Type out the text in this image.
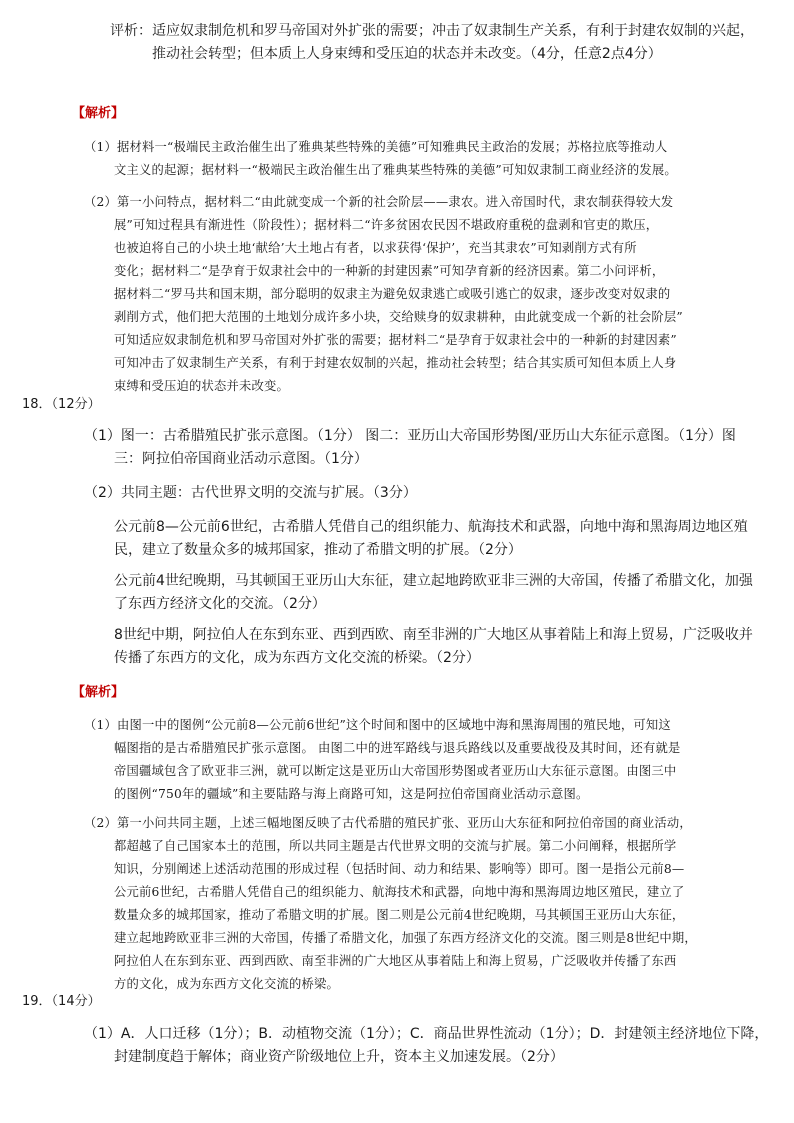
评析：适应奴隶制危机和罗马帝国对外扩张的需要；冲击了奴隶制生产关系，有利于封建农奴制的兴起，
推动社会转型；但本质上人身束缚和受压迫的状态并未改变。（4分，任意2点4分）
【解析】
（1）据材料一“极端民主政治催生出了雅典某些特殊的美德”可知雅典民主政治的发展；苏格拉底等推动人
文主义的起源；据材料一“极端民主政治催生出了雅典某些特殊的美德”可知奴隶制工商业经济的发展。
（2）第一小问特点，据材料二“由此就变成一个新的社会阶层——隶农。进入帝国时代，隶农制获得较大发
展”可知过程具有渐进性（阶段性）；据材料二“许多贫困农民因不堪政府重税的盘剥和官吏的欺压，
也被迫将自己的小块土地‘献给’大土地占有者，以求获得‘保护’，充当其隶农”可知剥削方式有所
变化；据材料二“是孕育于奴隶社会中的一种新的封建因素”可知孕育新的经济因素。第二小问评析，
据材料二“罗马共和国末期，部分聪明的奴隶主为避免奴隶逃亡或吸引逃亡的奴隶，逐步改变对奴隶的
剥削方式，他们把大范围的土地划分成许多小块，交给赎身的奴隶耕种，由此就变成一个新的社会阶层”
可知适应奴隶制危机和罗马帝国对外扩张的需要；据材料二“是孕育于奴隶社会中的一种新的封建因素”
可知冲击了奴隶制生产关系，有利于封建农奴制的兴起，推动社会转型；结合其实质可知但本质上人身
束缚和受压迫的状态并未改变。
18．（12分）
（1）图一：古希腊殖民扩张示意图。（1分） 图二：亚历山大帝国形势图/亚历山大东征示意图。（1分）图
三：阿拉伯帝国商业活动示意图。（1分）
（2）共同主题：古代世界文明的交流与扩展。（3分）
公元前8—公元前6世纪，古希腊人凭借自己的组织能力、航海技术和武器，向地中海和黑海周边地区殖
民，建立了数量众多的城邦国家，推动了希腊文明的扩展。（2分）
公元前4世纪晚期，马其顿国王亚历山大东征，建立起地跨欧亚非三洲的大帝国，传播了希腊文化，加强
了东西方经济文化的交流。（2分）
8世纪中期，阿拉伯人在东到东亚、西到西欧、南至非洲的广大地区从事着陆上和海上贸易，广泛吸收并
传播了东西方的文化，成为东西方文化交流的桥梁。（2分）
【解析】
（1）由图一中的图例“公元前8—公元前6世纪”这个时间和图中的区域地中海和黑海周围的殖民地，可知这
幅图指的是古希腊殖民扩张示意图。 由图二中的进军路线与退兵路线以及重要战役及其时间，还有就是
帝国疆域包含了欧亚非三洲，就可以断定这是亚历山大帝国形势图或者亚历山大东征示意图。由图三中
的图例“750年的疆域”和主要陆路与海上商路可知，这是阿拉伯帝国商业活动示意图。
（2）第一小问共同主题，上述三幅地图反映了古代希腊的殖民扩张、亚历山大东征和阿拉伯帝国的商业活动，
都超越了自己国家本土的范围，所以共同主题是古代世界文明的交流与扩展。第二小问阐释，根据所学
知识，分别阐述上述活动范围的形成过程（包括时间、动力和结果、影响等）即可。图一是指公元前8—
公元前6世纪，古希腊人凭借自己的组织能力、航海技术和武器，向地中海和黑海周边地区殖民，建立了
数量众多的城邦国家，推动了希腊文明的扩展。图二则是公元前4世纪晚期，马其顿国王亚历山大东征，
建立起地跨欧亚非三洲的大帝国，传播了希腊文化，加强了东西方经济文化的交流。图三则是8世纪中期，
阿拉伯人在东到东亚、西到西欧、南至非洲的广大地区从事着陆上和海上贸易，广泛吸收并传播了东西
方的文化，成为东西方文化交流的桥梁。
19．（14分）
（1）A．人口迁移（1分）；B．动植物交流（1分）；C．商品世界性流动（1分）；D．封建领主经济地位下降，
封建制度趋于解体；商业资产阶级地位上升，资本主义加速发展。（2分）
